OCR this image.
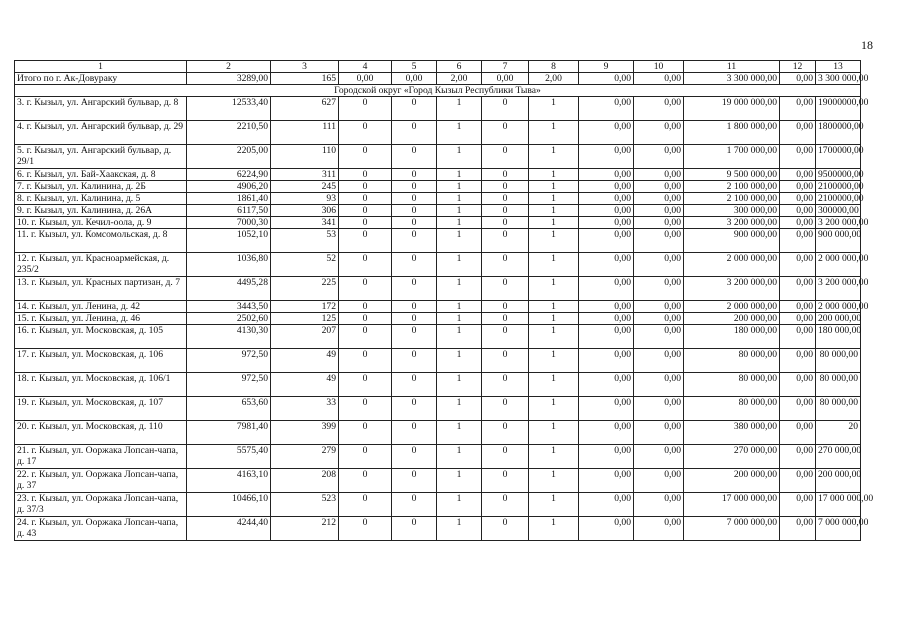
18
1	2	3	4	5	6	7	8	9	10	11	12	13
Итого по г. Ак-Довураку	3289,00	165	0,00	0,00	2,00	0,00	2,00	0,00	0,00	3 300 000,00	0,00	3 300 000,00
Городской округ «Город Кызыл Республики Тыва»												
3. г. Кызыл, ул. Ангарский бульвар, д. 8	12533,40	627	0	0	1	0	1	0,00	0,00	19 000 000,00	0,00	19000000,00
4. г. Кызыл, ул. Ангарский бульвар, д. 29	2210,50	111	0	0	1	0	1	0,00	0,00	1 800 000,00	0,00	1800000,00
5. г. Кызыл, ул. Ангарский бульвар, д. 29/1	2205,00	110	0	0	1	0	1	0,00	0,00	1 700 000,00	0,00	1700000,00
6. г. Кызыл, ул. Бай-Хаакская, д. 8	6224,90	311	0	0	1	0	1	0,00	0,00	9 500 000,00	0,00	9500000,00
7. г. Кызыл, ул. Калинина, д. 2Б	4906,20	245	0	0	1	0	1	0,00	0,00	2 100 000,00	0,00	2100000,00
8. г. Кызыл, ул. Калинина, д. 5	1861,40	93	0	0	1	0	1	0,00	0,00	2 100 000,00	0,00	2100000,00
9. г. Кызыл, ул. Калинина, д. 26А	6117,50	306	0	0	1	0	1	0,00	0,00	300 000,00	0,00	300000,00
10. г. Кызыл, ул. Кечил-оола, д. 9	7000,30	341	0	0	1	0	1	0,00	0,00	3 200 000,00	0,00	3 200 000,00
11. г. Кызыл, ул. Комсомольская, д. 8	1052,10	53	0	0	1	0	1	0,00	0,00	900 000,00	0,00	900 000,00
12. г. Кызыл, ул. Красноармейская, д. 235/2	1036,80	52	0	0	1	0	1	0,00	0,00	2 000 000,00	0,00	2 000 000,00
13. г. Кызыл, ул. Красных партизан, д. 7	4495,28	225	0	0	1	0	1	0,00	0,00	3 200 000,00	0,00	3 200 000,00
14. г. Кызыл, ул. Ленина, д. 42	3443,50	172	0	0	1	0	1	0,00	0,00	2 000 000,00	0,00	2 000 000,00
15. г. Кызыл, ул. Ленина, д. 46	2502,60	125	0	0	1	0	1	0,00	0,00	200 000,00	0,00	200 000,00
16. г. Кызыл, ул. Московская, д. 105	4130,30	207	0	0	1	0	1	0,00	0,00	180 000,00	0,00	180 000,00
17. г. Кызыл, ул. Московская, д. 106	972,50	49	0	0	1	0	1	0,00	0,00	80 000,00	0,00	80 000,00
18. г. Кызыл, ул. Московская, д. 106/1	972,50	49	0	0	1	0	1	0,00	0,00	80 000,00	0,00	80 000,00
19. г. Кызыл, ул. Московская, д. 107	653,60	33	0	0	1	0	1	0,00	0,00	80 000,00	0,00	80 000,00
20. г. Кызыл, ул. Московская, д. 110	7981,40	399	0	0	1	0	1	0,00	0,00	380 000,00	0,00	20
21. г. Кызыл, ул. Ооржака Лопсан-чапа, д. 17	5575,40	279	0	0	1	0	1	0,00	0,00	270 000,00	0,00	270 000,00
22. г. Кызыл, ул. Ооржака Лопсан-чапа, д. 37	4163,10	208	0	0	1	0	1	0,00	0,00	200 000,00	0,00	200 000,00
23. г. Кызыл, ул. Ооржака Лопсан-чапа, д. 37/3	10466,10	523	0	0	1	0	1	0,00	0,00	17 000 000,00	0,00	17 000 000,00
24. г. Кызыл, ул. Ооржака Лопсан-чапа, д. 43	4244,40	212	0	0	1	0	1	0,00	0,00	7 000 000,00	0,00	7 000 000,00
